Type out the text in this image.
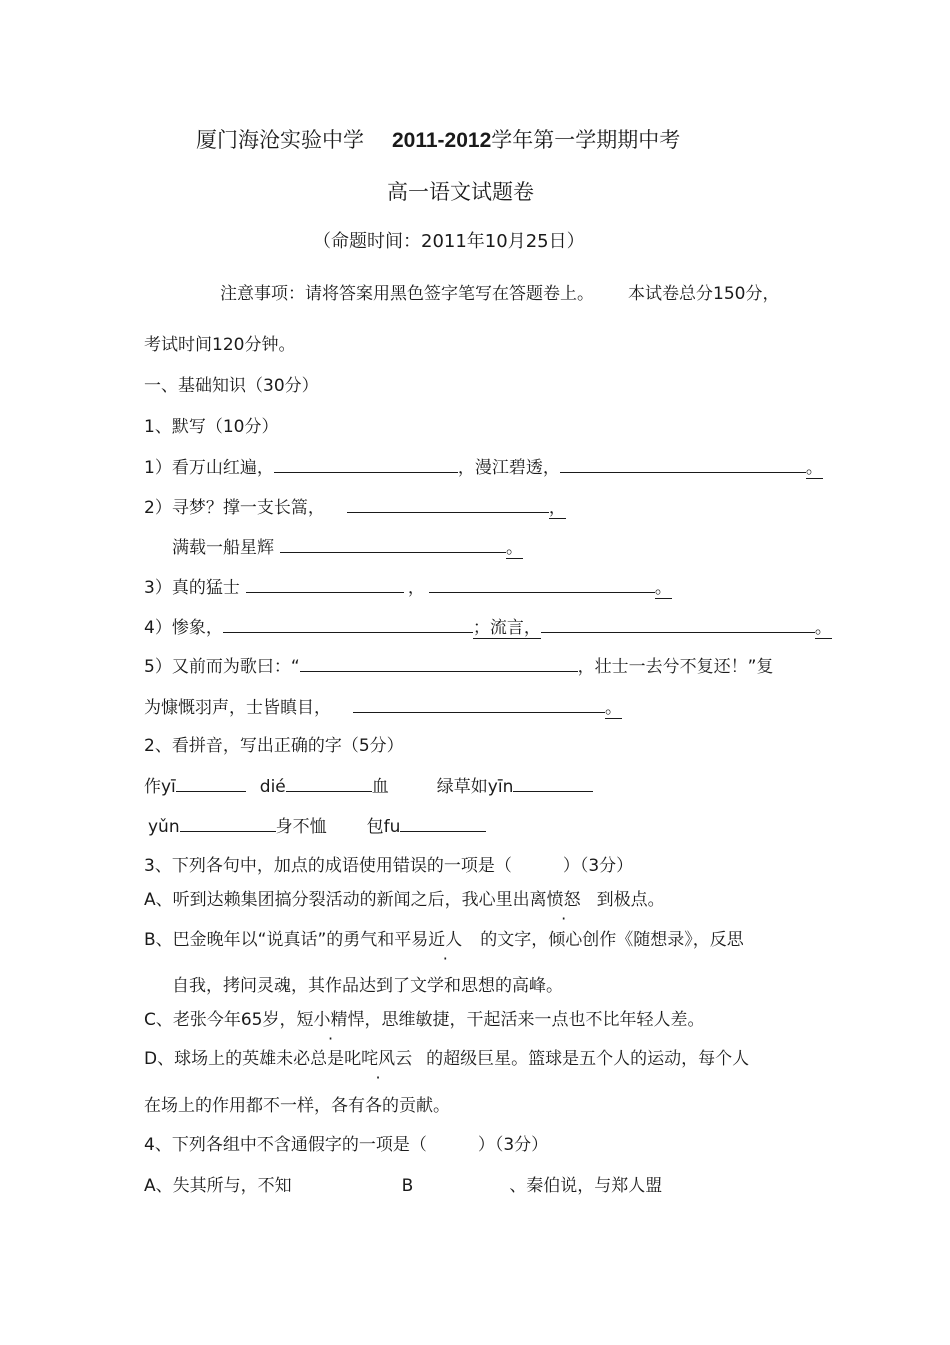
厦门海沧实验中学 2011-2012学年第一学期期中考
高一语文试题卷
（命题时间：2011年10月25日）
注意事项：请将答案用黑色签字笔写在答题卷上。 本试卷总分150分，
考试时间120分钟。
一、基础知识（30分）
1、默写（10分）
1）看万山红遍，	，漫江碧透，	。
2）寻梦？撑一支长篙，	，
满载一船星辉	。
3）真的猛士	，	。
4）惨象，	；流言，	。
5）又前而为歌曰：“	，壮士一去兮不复还！”复
为慷慨羽声，士皆瞋目，	。
2、看拼音，写出正确的字（5分）
作yī	dié	血	绿草如yīn
yǔn	身不恤 包fu
3、下列各句中，加点的成语使用错误的一项是（　　　）（3分）
A、听到达赖集团搞分裂活动的新闻之后，我心里出离愤怒 到极点。
B、巴金晚年以“说真话”的勇气和平易近人 的文字，倾心创作《随想录》，反思
自我，拷问灵魂，其作品达到了文学和思想的高峰。
C、老张今年65岁，短小精悍，思维敏捷，干起活来一点也不比年轻人差。
D、球场上的英雄未必总是叱咤风云 的超级巨星。篮球是五个人的运动，每个人
在场上的作用都不一样，各有各的贡献。
4、下列各组中不含通假字的一项是（　　　）（3分）
A、失其所与，不知	B	、秦伯说，与郑人盟
